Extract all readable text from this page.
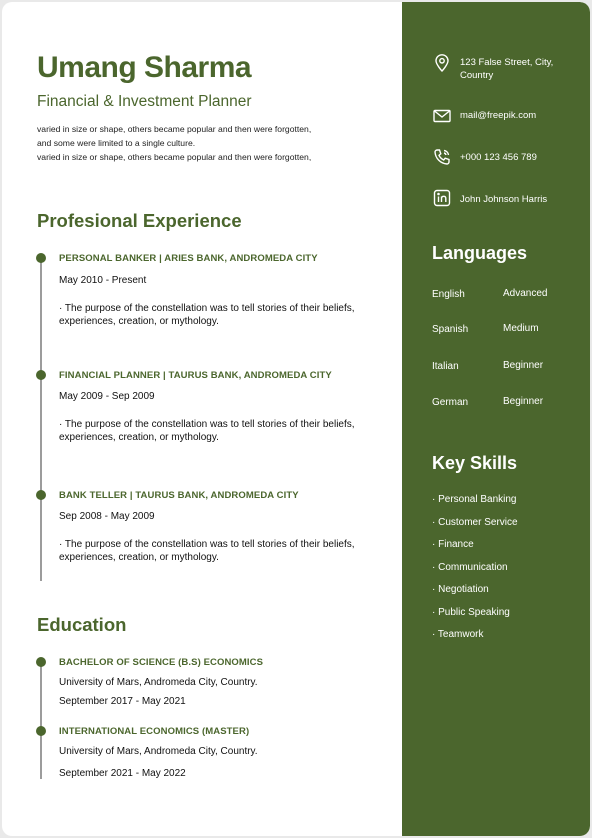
Umang Sharma
Financial & Investment Planner
varied in size or shape, others became popular and then were forgotten,
and some were limited to a single culture.
varied in size or shape, others became popular and then were forgotten,
Profesional Experience
PERSONAL BANKER | ARIES BANK, ANDROMEDA CITY
May 2010 - Present
· The purpose of the constellation was to tell stories of their beliefs, experiences, creation, or mythology.
FINANCIAL PLANNER | TAURUS BANK, ANDROMEDA CITY
May 2009 - Sep 2009
· The purpose of the constellation was to tell stories of their beliefs, experiences, creation, or mythology.
BANK TELLER | TAURUS BANK, ANDROMEDA CITY
Sep 2008 - May 2009
· The purpose of the constellation was to tell stories of their beliefs, experiences, creation, or mythology.
Education
BACHELOR OF SCIENCE (B.S) ECONOMICS
University of Mars, Andromeda City, Country.
September 2017 - May 2021
INTERNATIONAL ECONOMICS (MASTER)
University of Mars, Andromeda City, Country.
September 2021 - May 2022
123 False Street, City, Country
mail@freepik.com
+000 123 456 789
John Johnson Harris
Languages
English	Advanced
Spanish	Medium
Italian	Beginner
German	Beginner
Key Skills
· Personal Banking
· Customer Service
· Finance
· Communication
· Negotiation
· Public Speaking
· Teamwork
